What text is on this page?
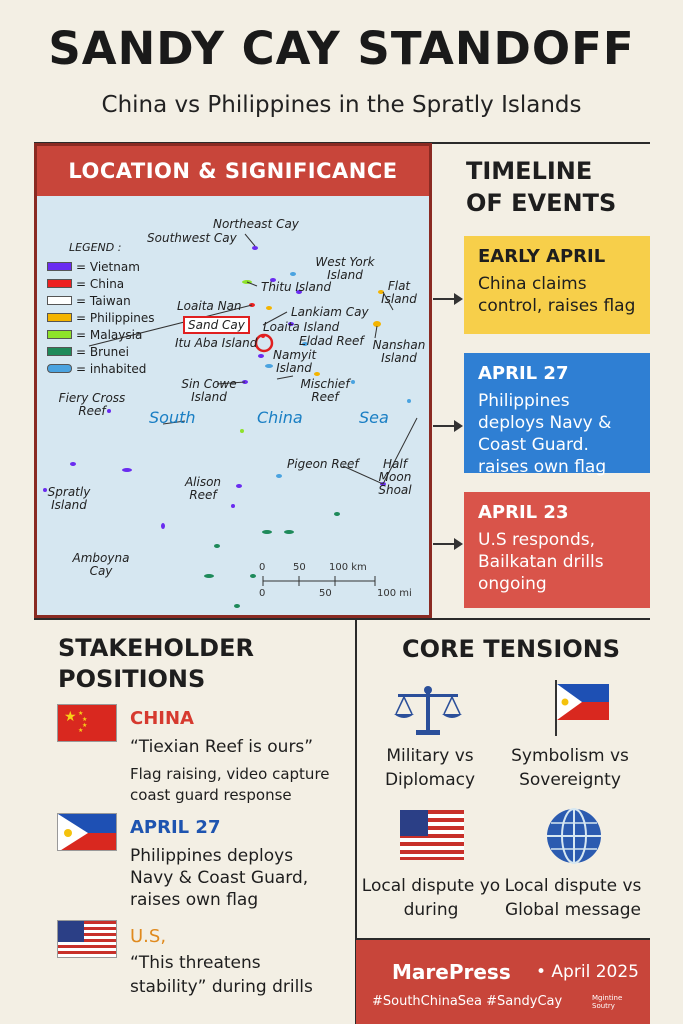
SANDY CAY STANDOFF
China vs Philippines in the Spratly Islands
LOCATION & SIGNIFICANCE
LEGEND :
= Vietnam
= China
= Taiwan
= Philippines
= Malaysia
= Brunei
= inhabited
Northeast Cay
Southwest Cay
West York Island
Thitu Island	Flat Island
Loaita Nan	Lankiam Cay
Sand Cay	Loaita Island
Itu Aba Island	Eldad Reef Nanshan Island
Namyit Island
Sin Cowe Island
Mischief Reef
Fiery Cross Reef
Pigeon Reef	Half Moon Shoal
Alison Reef
Spratly Island
Amboyna Cay
South	China	Sea
0	50 100 km
0	50	100 mi
TIMELINE
OF EVENTS
EARLY APRIL
China claims control, raises flag
APRIL 27
Philippines deploys Navy & Coast Guard. raises own flag
APRIL 23
U.S responds, Bailkatan drills ongoing
STAKEHOLDER
POSITIONS
★ ★
★
★
★
CHINA
“Tiexian Reef is ours”
Flag raising, video capture coast guard response
APRIL 27
Philippines deploys Navy & Coast Guard, raises own flag
U.S,
“This threatens
stability” during drills
CORE TENSIONS
Military vs Diplomacy
Symbolism vs Sovereignty
Local dispute yo during
Local dispute vs Global message
MarePress • April 2025
#SouthChinaSea #SandyCay	Mgintine Soutry
